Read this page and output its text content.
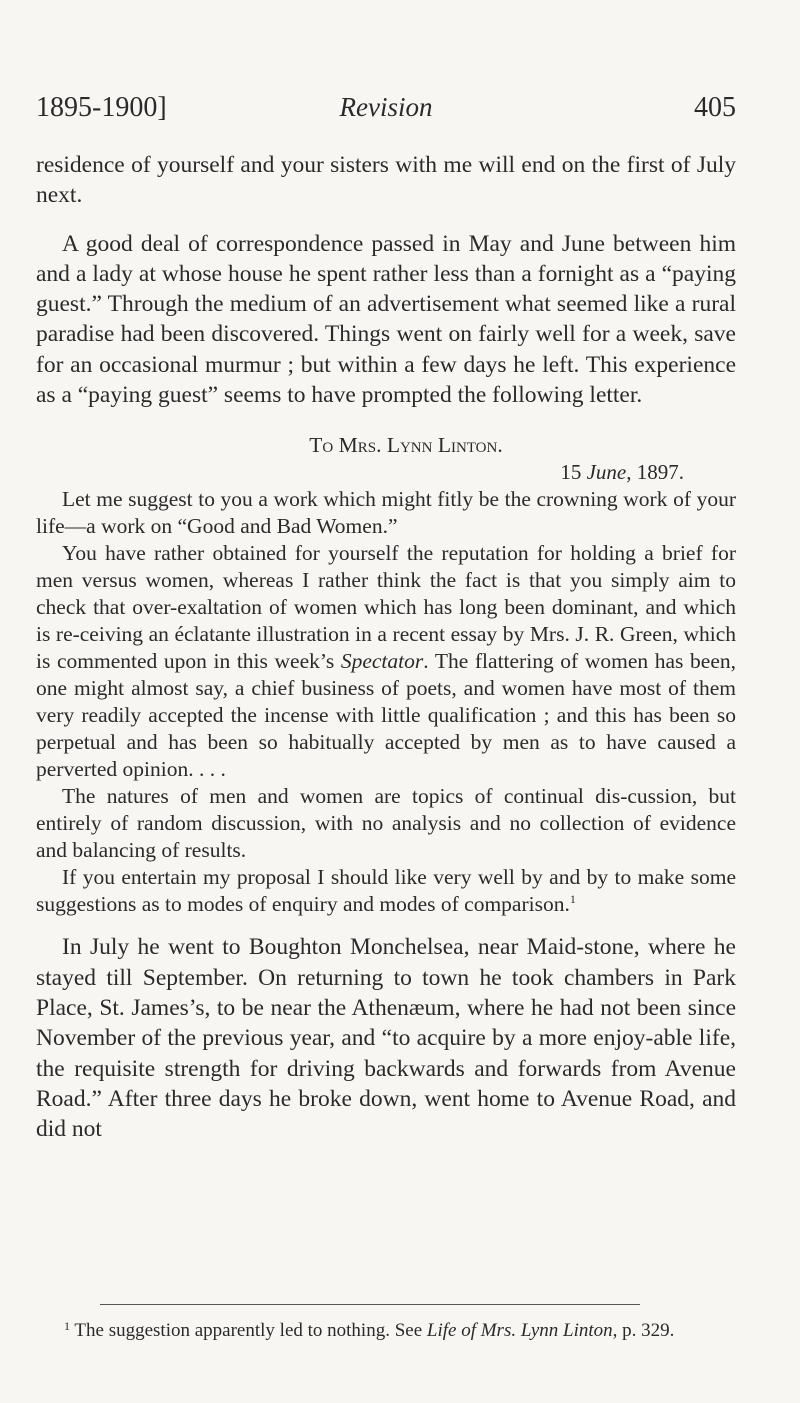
1895-1900]	Revision	405

residence of yourself and your sisters with me will end on the first of July next.

A good deal of correspondence passed in May and June between him and a lady at whose house he spent rather less than a fornight as a “paying guest.” Through the medium of an advertisement what seemed like a rural paradise had been discovered. Things went on fairly well for a week, save for an occasional murmur ; but within a few days he left. This experience as a “paying guest” seems to have prompted the following letter.

To Mrs. Lynn Linton.
15 June, 1897.

Let me suggest to you a work which might fitly be the crowning work of your life—a work on “Good and Bad Women.”

You have rather obtained for yourself the reputation for holding a brief for men versus women, whereas I rather think the fact is that you simply aim to check that over-exaltation of women which has long been dominant, and which is re-ceiving an éclatante illustration in a recent essay by Mrs. J. R. Green, which is commented upon in this week’s Spectator. The flattering of women has been, one might almost say, a chief business of poets, and women have most of them very readily accepted the incense with little qualification ; and this has been so perpetual and has been so habitually accepted by men as to have caused a perverted opinion. . . .

The natures of men and women are topics of continual dis-cussion, but entirely of random discussion, with no analysis and no collection of evidence and balancing of results.

If you entertain my proposal I should like very well by and by to make some suggestions as to modes of enquiry and modes of comparison.$^1$

In July he went to Boughton Monchelsea, near Maid-stone, where he stayed till September. On returning to town he took chambers in Park Place, St. James’s, to be near the Athenæum, where he had not been since November of the previous year, and “to acquire by a more enjoy-able life, the requisite strength for driving backwards and forwards from Avenue Road.” After three days he broke down, went home to Avenue Road, and did not

$^1$ The suggestion apparently led to nothing. See Life of Mrs. Lynn Linton, p. 329.
